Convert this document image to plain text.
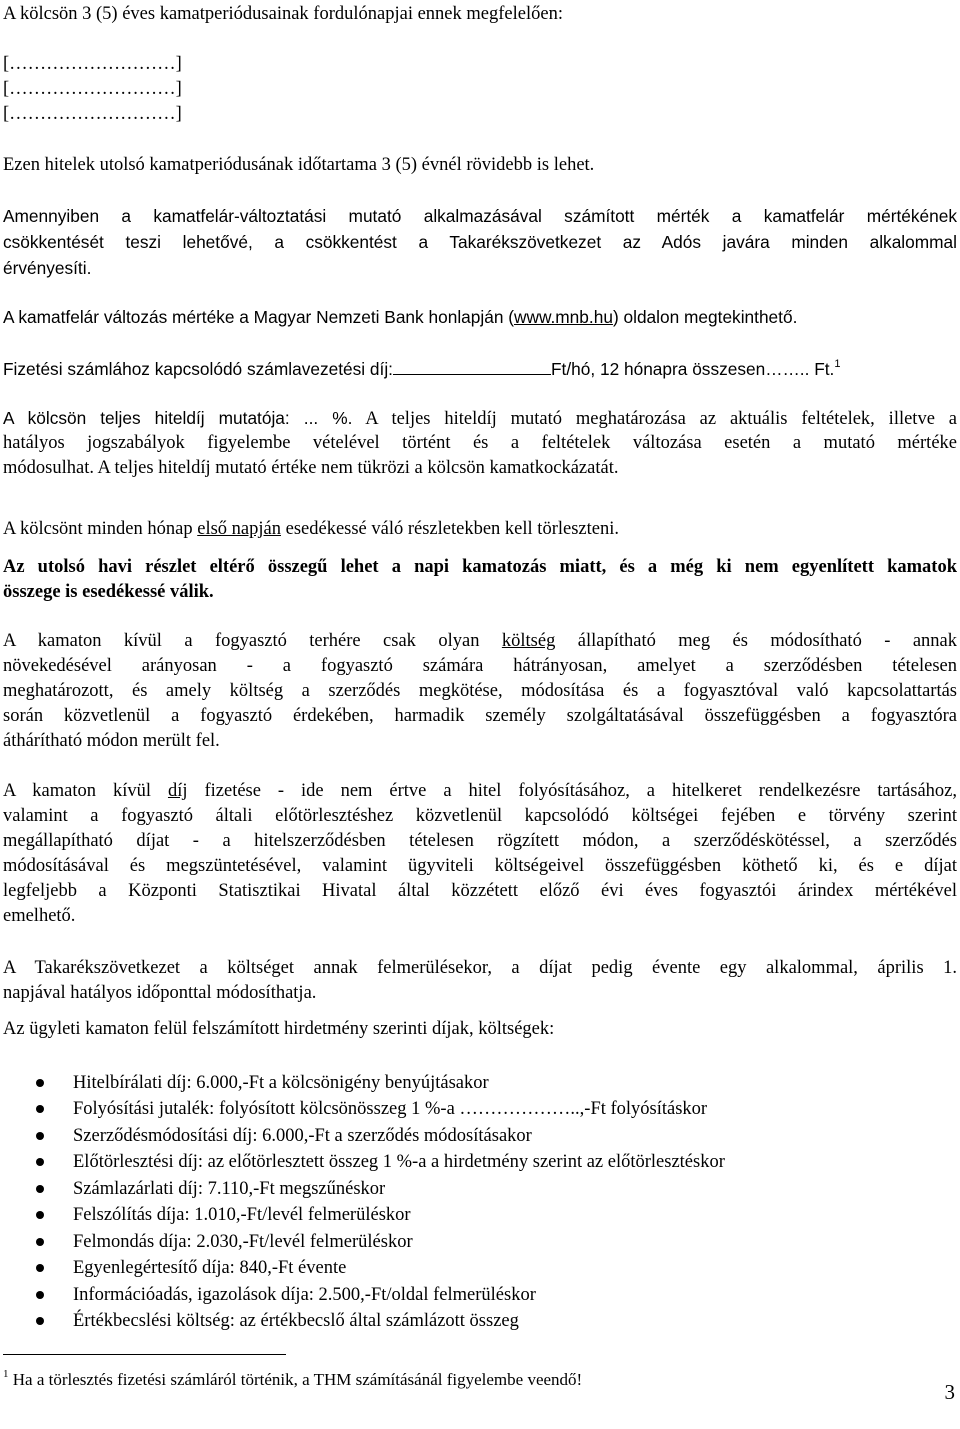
A kölcsön 3 (5) éves kamatperiódusainak fordulónapjai ennek megfelelően:
[………………………]
[………………………]
[………………………]
Ezen hitelek utolsó kamatperiódusának időtartama 3 (5) évnél rövidebb is lehet.
Amennyiben a kamatfelár-változtatási mutató alkalmazásával számított mérték a kamatfelár mértékének
csökkentését teszi lehetővé, a csökkentést a Takarékszövetkezet az Adós javára minden alkalommal
érvényesíti.
A kamatfelár változás mértéke a Magyar Nemzeti Bank honlapján (www.mnb.hu) oldalon megtekinthető.
Fizetési számlához kapcsolódó számlavezetési díj:	Ft/hó, 12 hónapra összesen…….. Ft.$^1$
A kölcsön teljes hiteldíj mutatója: ... %. A teljes hiteldíj mutató meghatározása az aktuális feltételek, illetve a
hatályos jogszabályok figyelembe vételével történt és a feltételek változása esetén a mutató mértéke
módosulhat. A teljes hiteldíj mutató értéke nem tükrözi a kölcsön kamatkockázatát.
A kölcsönt minden hónap első napján esedékessé váló részletekben kell törleszteni.
Az utolsó havi részlet eltérő összegű lehet a napi kamatozás miatt, és a még ki nem egyenlített kamatok
összege is esedékessé válik.
A kamaton kívül a fogyasztó terhére csak olyan költség állapítható meg és módosítható - annak
növekedésével arányosan - a fogyasztó számára hátrányosan, amelyet a szerződésben tételesen
meghatározott, és amely költség a szerződés megkötése, módosítása és a fogyasztóval való kapcsolattartás
során közvetlenül a fogyasztó érdekében, harmadik személy szolgáltatásával összefüggésben a fogyasztóra
áthárítható módon merült fel.
A kamaton kívül díj fizetése - ide nem értve a hitel folyósításához, a hitelkeret rendelkezésre tartásához,
valamint a fogyasztó általi előtörlesztéshez közvetlenül kapcsolódó költségei fejében e törvény szerint
megállapítható díjat - a hitelszerződésben tételesen rögzített módon, a szerződéskötéssel, a szerződés
módosításával és megszüntetésével, valamint ügyviteli költségeivel összefüggésben köthető ki, és e díjat
legfeljebb a Központi Statisztikai Hivatal által közzétett előző évi éves fogyasztói árindex mértékével
emelhető.
A Takarékszövetkezet a költséget annak felmerülésekor, a díjat pedig évente egy alkalommal, április 1.
napjával hatályos időponttal módosíthatja.
Az ügyleti kamaton felül felszámított hirdetmény szerinti díjak, költségek:
Hitelbírálati díj: 6.000,-Ft a kölcsönigény benyújtásakor
Folyósítási jutalék: folyósított kölcsönösszeg 1 %-a ………………..,-Ft folyósításkor
Szerződésmódosítási díj: 6.000,-Ft a szerződés módosításakor
Előtörlesztési díj: az előtörlesztett összeg 1 %-a a hirdetmény szerint az előtörlesztéskor
Számlazárlati díj: 7.110,-Ft megszűnéskor
Felszólítás díja: 1.010,-Ft/levél felmerüléskor
Felmondás díja: 2.030,-Ft/levél felmerüléskor
Egyenlegértesítő díja: 840,-Ft évente
Információadás, igazolások díja: 2.500,-Ft/oldal felmerüléskor
Értékbecslési költség: az értékbecslő által számlázott összeg
$^1$ Ha a törlesztés fizetési számláról történik, a THM számításánál figyelembe veendő!
3
